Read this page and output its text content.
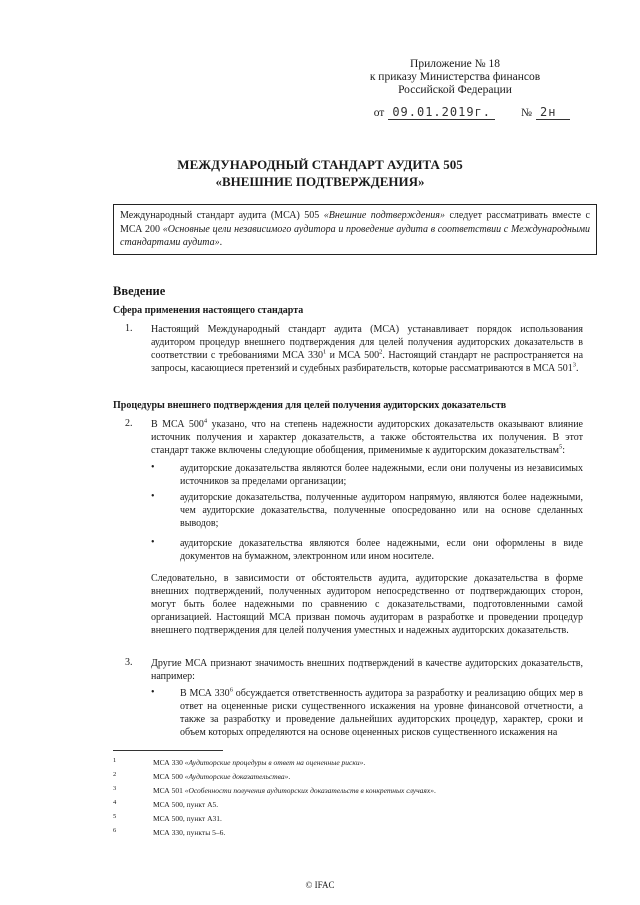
Приложение № 18
к приказу Министерства финансов
Российской Федерации
от 09.01.2019г.	№ 2н
МЕЖДУНАРОДНЫЙ СТАНДАРТ АУДИТА 505
«ВНЕШНИЕ ПОДТВЕРЖДЕНИЯ»
Международный стандарт аудита (МСА) 505 «Внешние подтверждения» следует рассматривать вместе с МСА 200 «Основные цели независимого аудитора и проведение аудита в соответствии с Международными стандартами аудита».
Введение
Сфера применения настоящего стандарта
1. Настоящий Международный стандарт аудита (МСА) устанавливает порядок использования аудитором процедур внешнего подтверждения для целей получения аудиторских доказательств в соответствии с требованиями МСА $330^1$ и МСА $500^2$. Настоящий стандарт не распространяется на запросы, касающиеся претензий и судебных разбирательств, которые рассматриваются в МСА $501^3$.
Процедуры внешнего подтверждения для целей получения аудиторских доказательств
2. В МСА $500^4$ указано, что на степень надежности аудиторских доказательств оказывают влияние источник получения и характер доказательств, а также обстоятельства их получения. В этот стандарт также включены следующие обобщения, применимые к аудиторским доказательствам$^5$:
•	аудиторские доказательства являются более надежными, если они получены из независимых источников за пределами организации;
•	аудиторские доказательства, полученные аудитором напрямую, являются более надежными, чем аудиторские доказательства, полученные опосредованно или на основе сделанных выводов;
•	аудиторские доказательства являются более надежными, если они оформлены в виде документов на бумажном, электронном или ином носителе.
Следовательно, в зависимости от обстоятельств аудита, аудиторские доказательства в форме внешних подтверждений, полученных аудитором непосредственно от подтверждающих сторон, могут быть более надежными по сравнению с доказательствами, подготовленными самой организацией. Настоящий МСА призван помочь аудиторам в разработке и проведении процедур внешнего подтверждения для целей получения уместных и надежных аудиторских доказательств.
3. Другие МСА признают значимость внешних подтверждений в качестве аудиторских доказательств, например:
•	В МСА $330^6$ обсуждается ответственность аудитора за разработку и реализацию общих мер в ответ на оцененные риски существенного искажения на уровне финансовой отчетности, а также за разработку и проведение дальнейших аудиторских процедур, характер, сроки и объем которых определяются на основе оцененных рисков существенного искажения на
$^1$	МСА 330 «Аудиторские процедуры в ответ на оцененные риски».
$^2$	МСА 500 «Аудиторские доказательства».
$^3$	МСА 501 «Особенности получения аудиторских доказательств в конкретных случаях».
$^4$	МСА 500, пункт А5.
$^5$	МСА 500, пункт А31.
$^6$	МСА 330, пункты 5–6.
© IFAC
